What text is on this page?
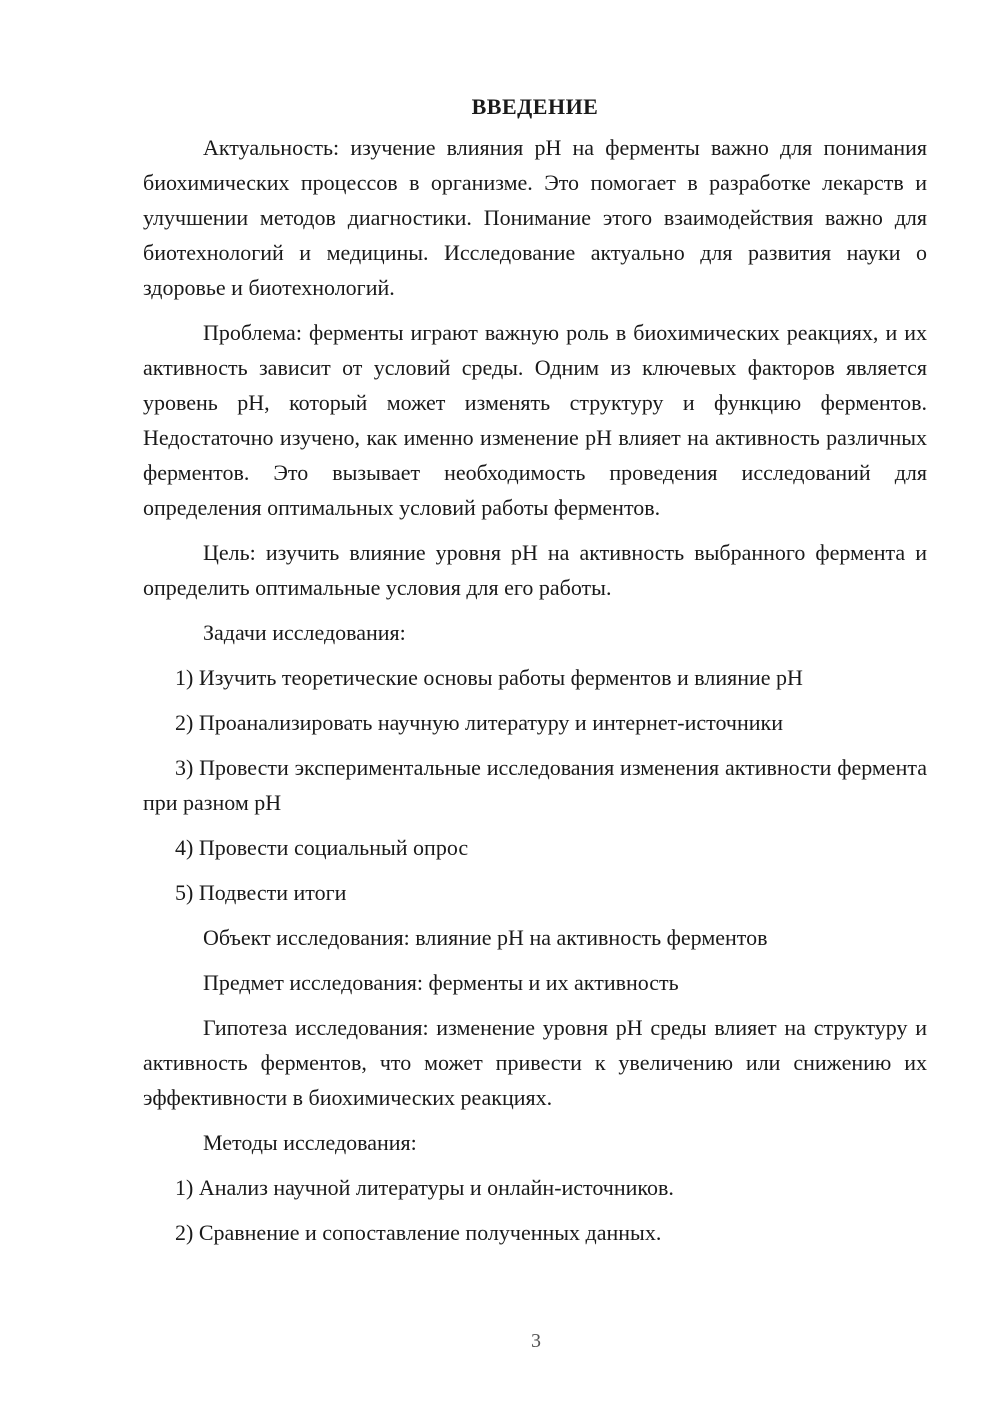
ВВЕДЕНИЕ

Актуальность: изучение влияния pH на ферменты важно для понимания биохимических процессов в организме. Это помогает в разработке лекарств и улучшении методов диагностики. Понимание этого взаимодействия важно для биотехнологий и медицины. Исследование актуально для развития науки о здоровье и биотехнологий.

Проблема: ферменты играют важную роль в биохимических реакциях, и их активность зависит от условий среды. Одним из ключевых факторов является уровень pH, который может изменять структуру и функцию ферментов. Недостаточно изучено, как именно изменение pH влияет на активность различных ферментов. Это вызывает необходимость проведения исследований для определения оптимальных условий работы ферментов.

Цель: изучить влияние уровня pH на активность выбранного фермента и определить оптимальные условия для его работы.

Задачи исследования:

1) Изучить теоретические основы работы ферментов и влияние pH

2) Проанализировать научную литературу и интернет-источники

3) Провести экспериментальные исследования изменения активности фермента при разном pH

4) Провести социальный опрос

5) Подвести итоги

Объект исследования: влияние pH на активность ферментов

Предмет исследования: ферменты и их активность

Гипотеза исследования: изменение уровня pH среды влияет на структуру и активность ферментов, что может привести к увеличению или снижению их эффективности в биохимических реакциях.

Методы исследования:

1) Анализ научной литературы и онлайн-источников.

2) Сравнение и сопоставление полученных данных.

3
